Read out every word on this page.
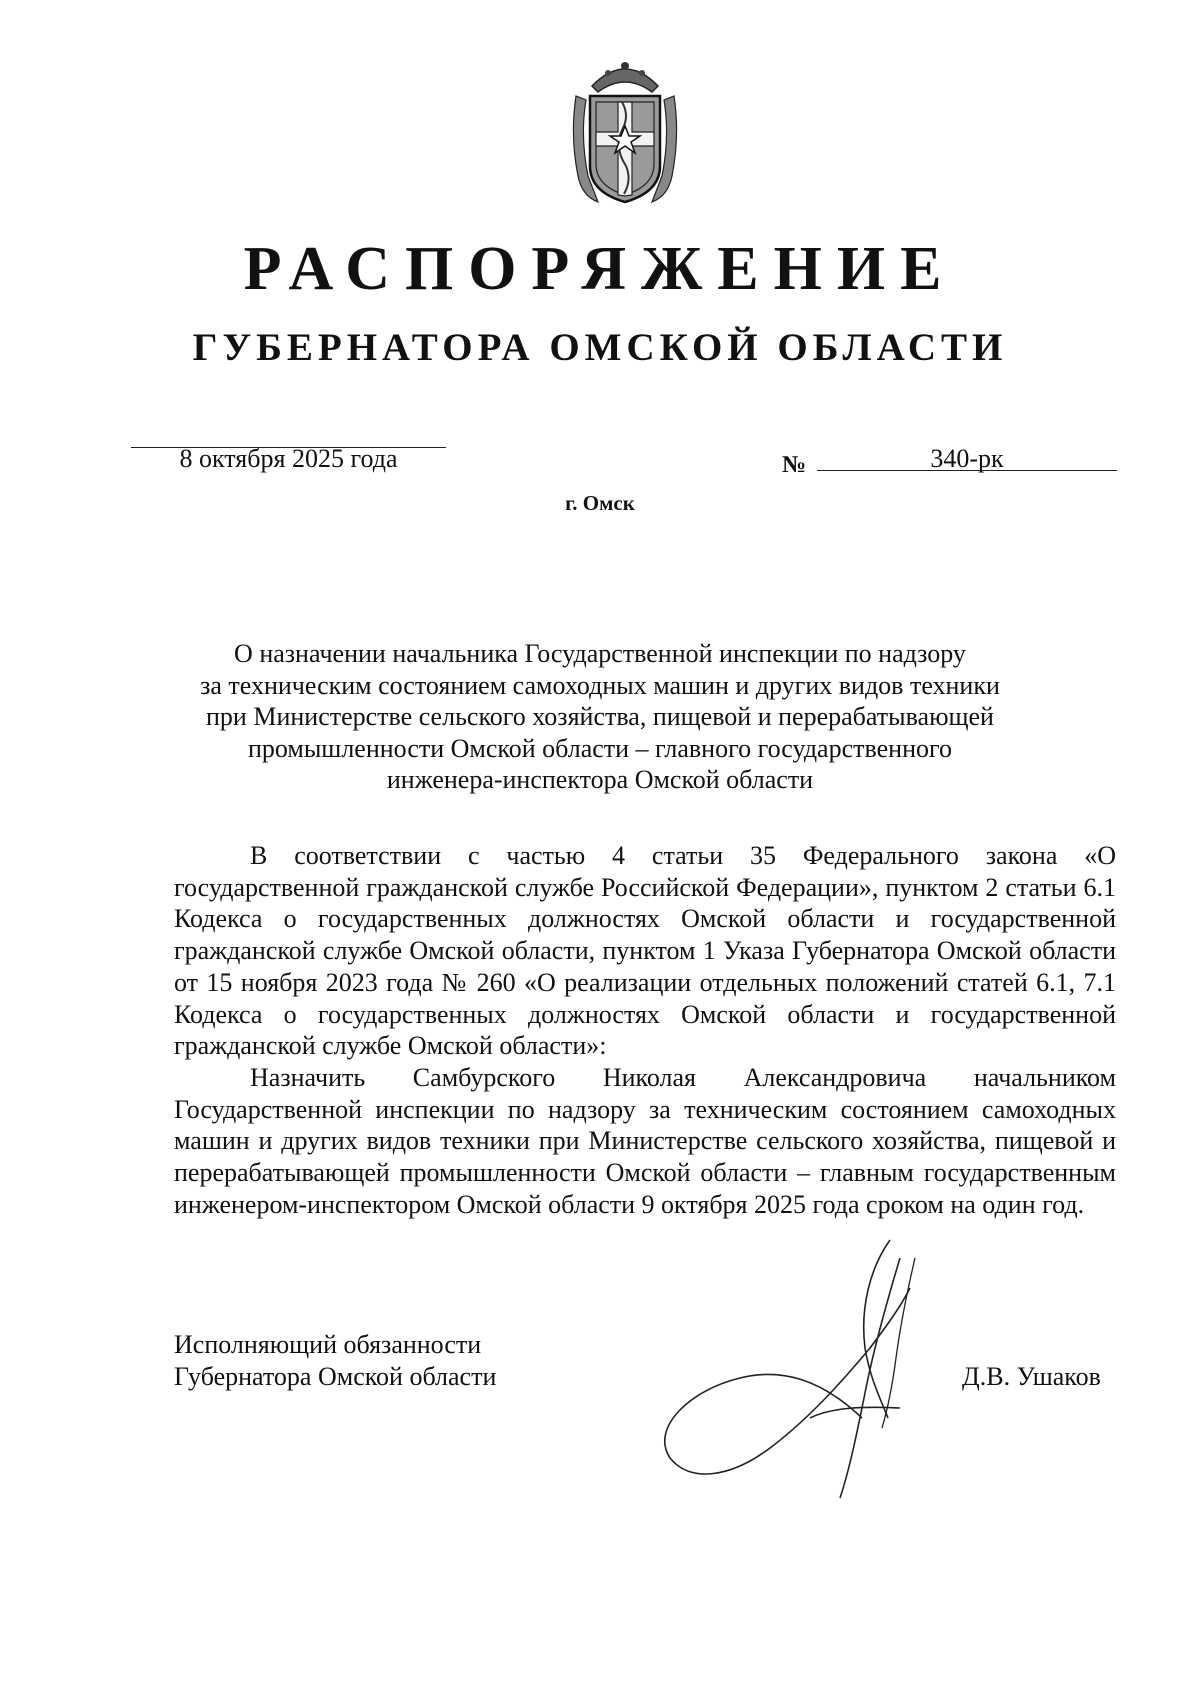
РАСПОРЯЖЕНИЕ
ГУБЕРНАТОРА ОМСКОЙ ОБЛАСТИ
8 октября 2025 года	№	340-рк
г. Омск
О назначении начальника Государственной инспекции по надзору
за техническим состоянием самоходных машин и других видов техники
при Министерстве сельского хозяйства, пищевой и перерабатывающей
промышленности Омской области – главного государственного
инженера-инспектора Омской области

В соответствии с частью 4 статьи 35 Федерального закона «О государственной гражданской службе Российской Федерации», пунктом 2 статьи 6.1 Кодекса о государственных должностях Омской области и государственной гражданской службе Омской области, пунктом 1 Указа Губернатора Омской области от 15 ноября 2023 года № 260 «О реализации отдельных положений статей 6.1, 7.1 Кодекса о государственных должностях Омской области и государственной гражданской службе Омской области»:

Назначить Самбурского Николая Александровича начальником Государственной инспекции по надзору за техническим состоянием самоходных машин и других видов техники при Министерстве сельского хозяйства, пищевой и перерабатывающей промышленности Омской области – главным государственным инженером-инспектором Омской области 9 октября 2025 года сроком на один год.

Исполняющий обязанности
Губернатора Омской области	Д.В. Ушаков
